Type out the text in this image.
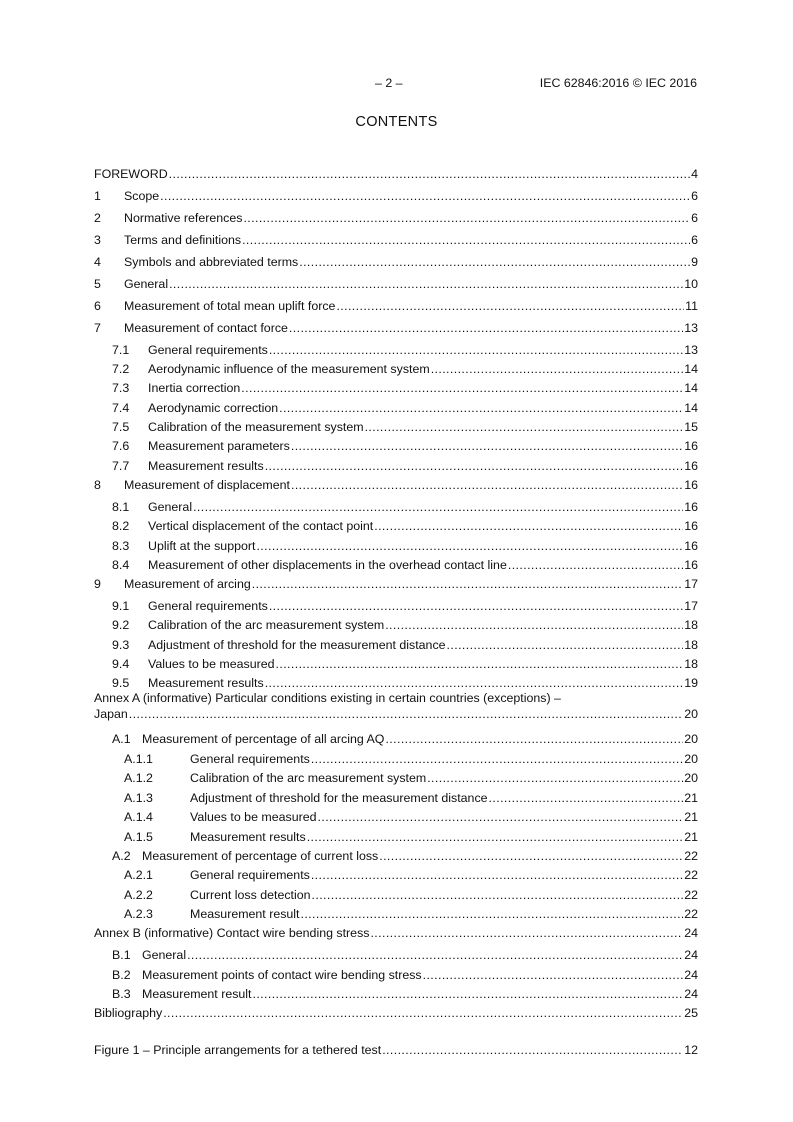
– 2 –	IEC 62846:2016 © IEC 2016
CONTENTS
FOREWORD .....	4
1	Scope .....	6
2	Normative references .....	6
3	Terms and definitions .....	6
4	Symbols and abbreviated terms .....	9
5	General .....	10
6	Measurement of total mean uplift force .....	11
7	Measurement of contact force .....	13
7.1	General requirements .....	13
7.2	Aerodynamic influence of the measurement system .....	14
7.3	Inertia correction .....	14
7.4	Aerodynamic correction .....	14
7.5	Calibration of the measurement system .....	15
7.6	Measurement parameters .....	16
7.7	Measurement results .....	16
8	Measurement of displacement .....	16
8.1	General .....	16
8.2	Vertical displacement of the contact point .....	16
8.3	Uplift at the support .....	16
8.4	Measurement of other displacements in the overhead contact line .....	16
9	Measurement of arcing .....	17
9.1	General requirements .....	17
9.2	Calibration of the arc measurement system .....	18
9.3	Adjustment of threshold for the measurement distance .....	18
9.4	Values to be measured .....	18
9.5	Measurement results .....	19
Annex A (informative) Particular conditions existing in certain countries (exceptions) –
Japan .....	20
A.1 Measurement of percentage of all arcing AQ .....	20
A.1.1	General requirements .....	20
A.1.2	Calibration of the arc measurement system .....	20
A.1.3	Adjustment of threshold for the measurement distance .....	21
A.1.4	Values to be measured .....	21
A.1.5	Measurement results .....	21
A.2 Measurement of percentage of current loss .....	22
A.2.1	General requirements .....	22
A.2.2	Current loss detection .....	22
A.2.3	Measurement result .....	22
Annex B (informative) Contact wire bending stress .....	24
B.1 General .....	24
B.2 Measurement points of contact wire bending stress .....	24
B.3 Measurement result .....	24
Bibliography .....	25
Figure 1 – Principle arrangements for a tethered test .....	12
